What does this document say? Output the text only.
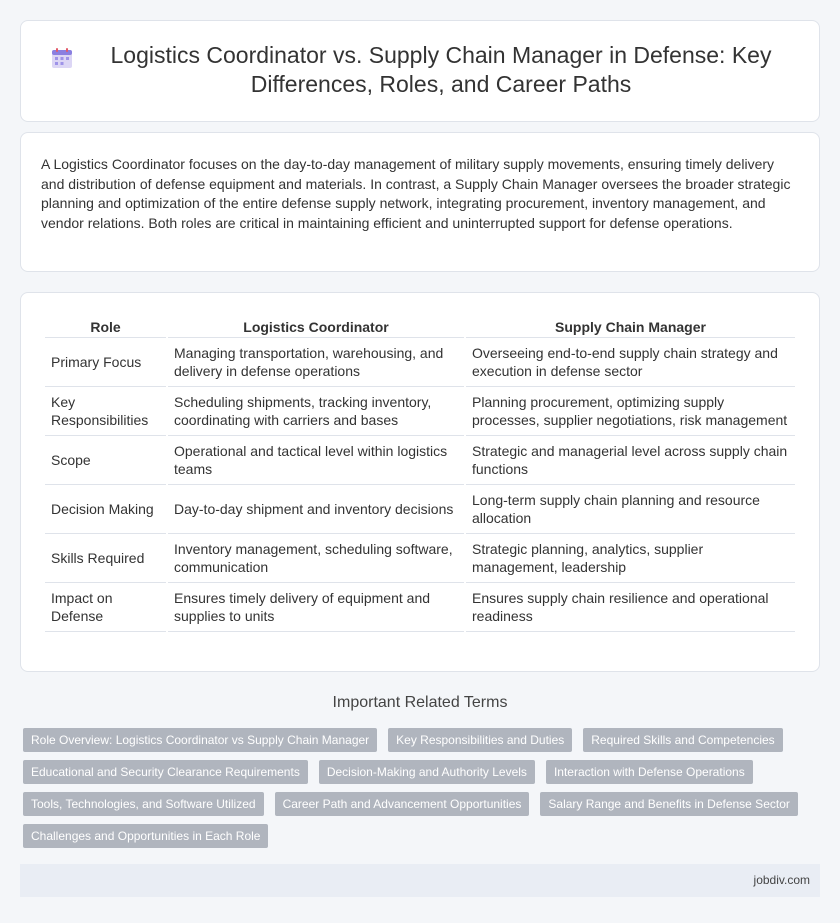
Logistics Coordinator vs. Supply Chain Manager in Defense: Key Differences, Roles, and Career Paths

A Logistics Coordinator focuses on the day-to-day management of military supply movements, ensuring timely delivery and distribution of defense equipment and materials. In contrast, a Supply Chain Manager oversees the broader strategic planning and optimization of the entire defense supply network, integrating procurement, inventory management, and vendor relations. Both roles are critical in maintaining efficient and uninterrupted support for defense operations.

Role	Logistics Coordinator	Supply Chain Manager
Primary Focus	Managing transportation, warehousing, and delivery in defense operations	Overseeing end-to-end supply chain strategy and execution in defense sector
Key Responsibilities	Scheduling shipments, tracking inventory, coordinating with carriers and bases	Planning procurement, optimizing supply processes, supplier negotiations, risk management
Scope	Operational and tactical level within logistics teams	Strategic and managerial level across supply chain functions
Decision Making	Day-to-day shipment and inventory decisions	Long-term supply chain planning and resource allocation
Skills Required	Inventory management, scheduling software, communication	Strategic planning, analytics, supplier management, leadership
Impact on Defense	Ensures timely delivery of equipment and supplies to units	Ensures supply chain resilience and operational readiness
Important Related Terms
Role Overview: Logistics Coordinator vs Supply Chain Manager	Key Responsibilities and Duties	Required Skills and Competencies
Educational and Security Clearance Requirements	Decision-Making and Authority Levels	Interaction with Defense Operations
Tools, Technologies, and Software Utilized	Career Path and Advancement Opportunities	Salary Range and Benefits in Defense Sector
Challenges and Opportunities in Each Role
jobdiv.com
